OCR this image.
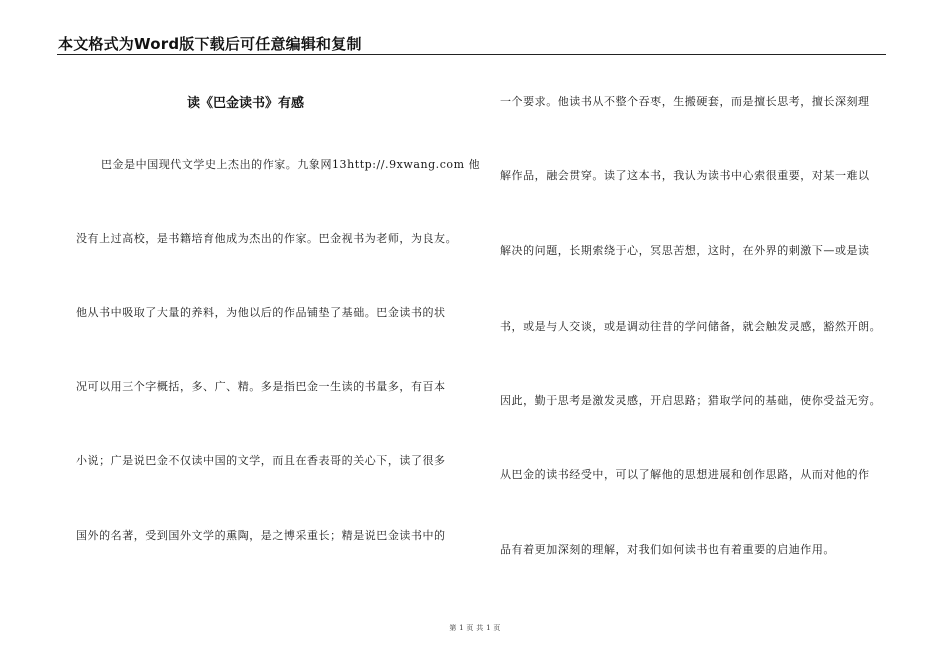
本文格式为Word版下载后可任意编辑和复制
读《巴金读书》有感
巴金是中国现代文学史上杰出的作家。九象网13http://.9xwang.com 他
没有上过高校，是书籍培育他成为杰出的作家。巴金视书为老师，为良友。
他从书中吸取了大量的养料，为他以后的作品铺垫了基础。巴金读书的状
况可以用三个字概括，多、广、精。多是指巴金一生读的书量多，有百本
小说；广是说巴金不仅读中国的文学，而且在香表哥的关心下，读了很多
国外的名著，受到国外文学的熏陶，是之博采重长；精是说巴金读书中的
一个要求。他读书从不整个吞枣，生搬硬套，而是擅长思考，擅长深刻理
解作品，融会贯穿。读了这本书，我认为读书中心索很重要，对某一难以
解决的问题，长期索绕于心，冥思苦想，这时，在外界的刺激下—或是读
书，或是与人交谈，或是调动往昔的学问储备，就会触发灵感，豁然开朗。
因此，勤于思考是激发灵感，开启思路；猎取学问的基础，使你受益无穷。
从巴金的读书经受中，可以了解他的思想进展和创作思路，从而对他的作
品有着更加深刻的理解，对我们如何读书也有着重要的启迪作用。
第 1 页 共 1 页
